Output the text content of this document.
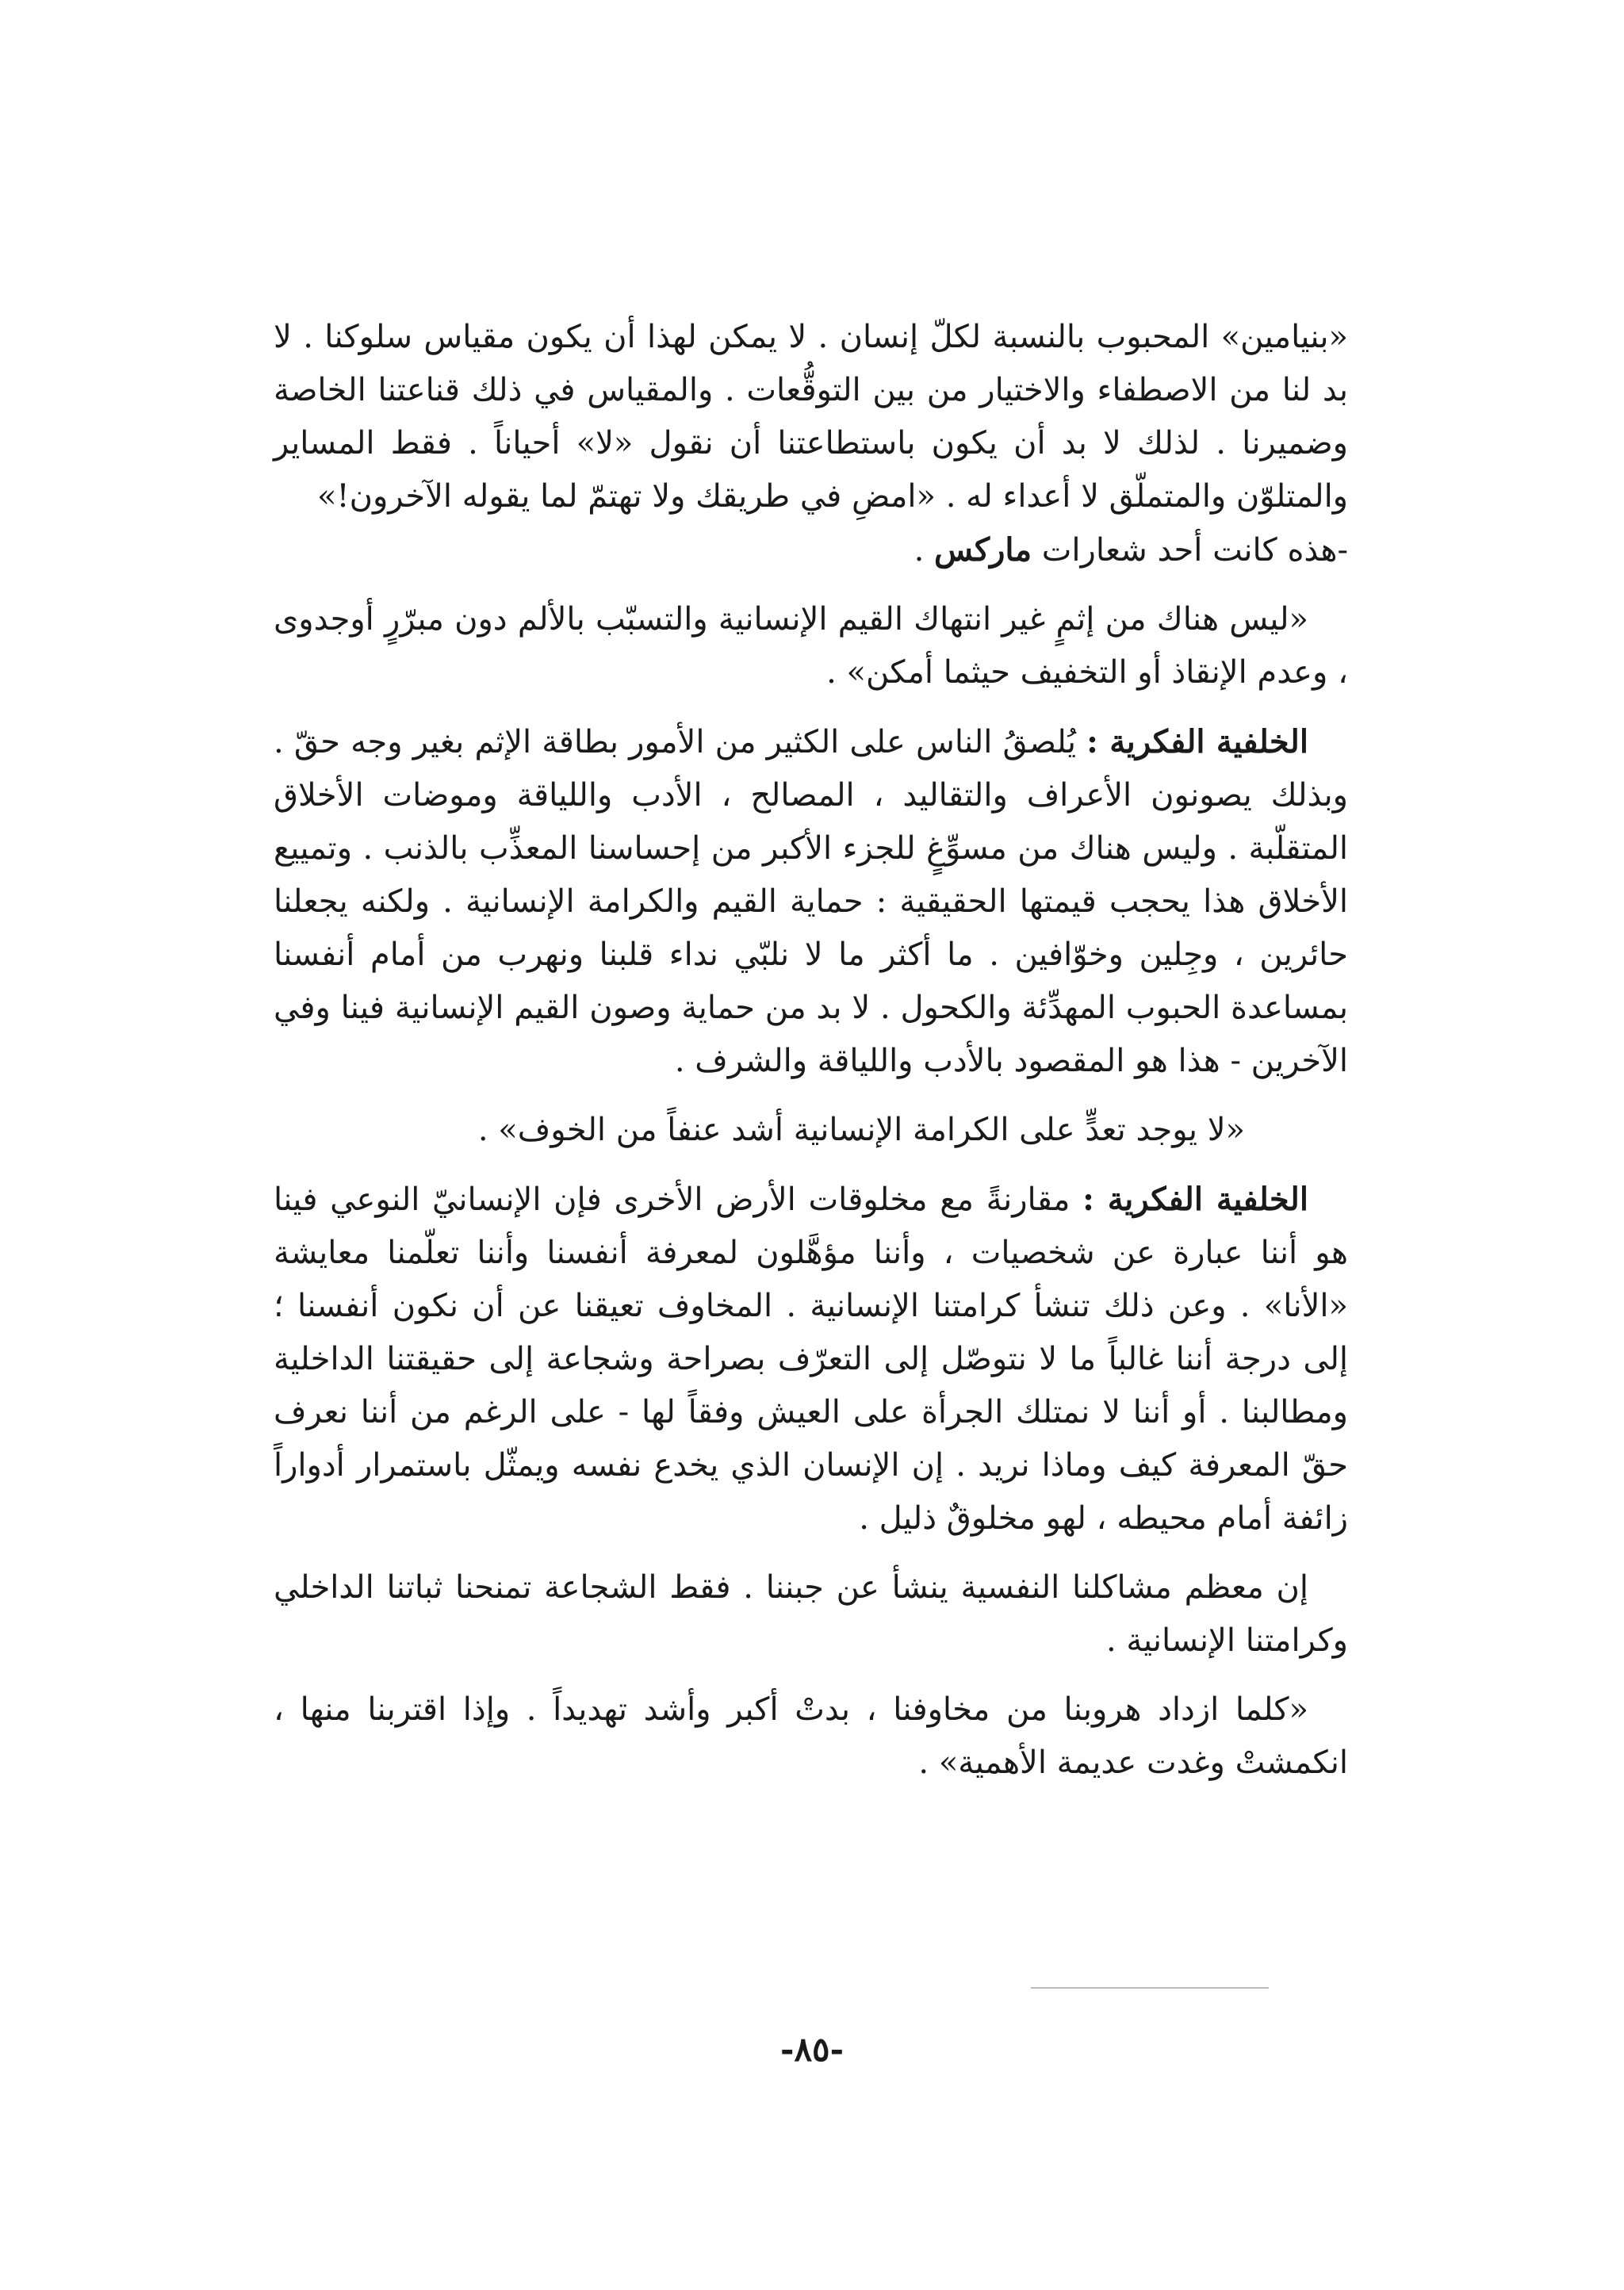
«بنيامين» المحبوب بالنسبة لكلّ إنسان . لا يمكن لهذا أن يكون مقياس سلوكنا . لا بد لنا من الاصطفاء والاختيار من بين التوقُّعات . والمقياس في ذلك قناعتنا الخاصة وضميرنا . لذلك لا بد أن يكون باستطاعتنا أن نقول «لا» أحياناً . فقط المساير والمتلوّن والمتملّق لا أعداء له . «امضِ في طريقك ولا تهتمّ لما يقوله الآخرون!»
-هذه كانت أحد شعارات ماركس .

«ليس هناك من إثمٍ غير انتهاك القيم الإنسانية والتسبّب بالألم دون مبرّرٍ أوجدوى ، وعدم الإنقاذ أو التخفيف حيثما أمكن» .

الخلفية الفكرية : يُلصقُ الناس على الكثير من الأمور بطاقة الإثم بغير وجه حقّ . وبذلك يصونون الأعراف والتقاليد ، المصالح ، الأدب واللياقة وموضات الأخلاق المتقلّبة . وليس هناك من مسوِّغٍ للجزء الأكبر من إحساسنا المعذِّب بالذنب . وتمييع الأخلاق هذا يحجب قيمتها الحقيقية : حماية القيم والكرامة الإنسانية . ولكنه يجعلنا حائرين ، وجِلين وخوّافين . ما أكثر ما لا نلبّي نداء قلبنا ونهرب من أمام أنفسنا بمساعدة الحبوب المهدِّئة والكحول . لا بد من حماية وصون القيم الإنسانية فينا وفي الآخرين - هذا هو المقصود بالأدب واللياقة والشرف .

«لا يوجد تعدٍّ على الكرامة الإنسانية أشد عنفاً من الخوف» .

الخلفية الفكرية : مقارنةً مع مخلوقات الأرض الأخرى فإن الإنسانيّ النوعي فينا هو أننا عبارة عن شخصيات ، وأننا مؤهَّلون لمعرفة أنفسنا وأننا تعلّمنا معايشة «الأنا» . وعن ذلك تنشأ كرامتنا الإنسانية . المخاوف تعيقنا عن أن نكون أنفسنا ؛ إلى درجة أننا غالباً ما لا نتوصّل إلى التعرّف بصراحة وشجاعة إلى حقيقتنا الداخلية ومطالبنا . أو أننا لا نمتلك الجرأة على العيش وفقاً لها - على الرغم من أننا نعرف حقّ المعرفة كيف وماذا نريد . إن الإنسان الذي يخدع نفسه ويمثّل باستمرار أدواراً زائفة أمام محيطه ، لهو مخلوقٌ ذليل .

إن معظم مشاكلنا النفسية ينشأ عن جبننا . فقط الشجاعة تمنحنا ثباتنا الداخلي وكرامتنا الإنسانية .

«كلما ازداد هروبنا من مخاوفنا ، بدتْ أكبر وأشد تهديداً . وإذا اقتربنا منها ، انكمشتْ وغدت عديمة الأهمية» .

-٨٥-
